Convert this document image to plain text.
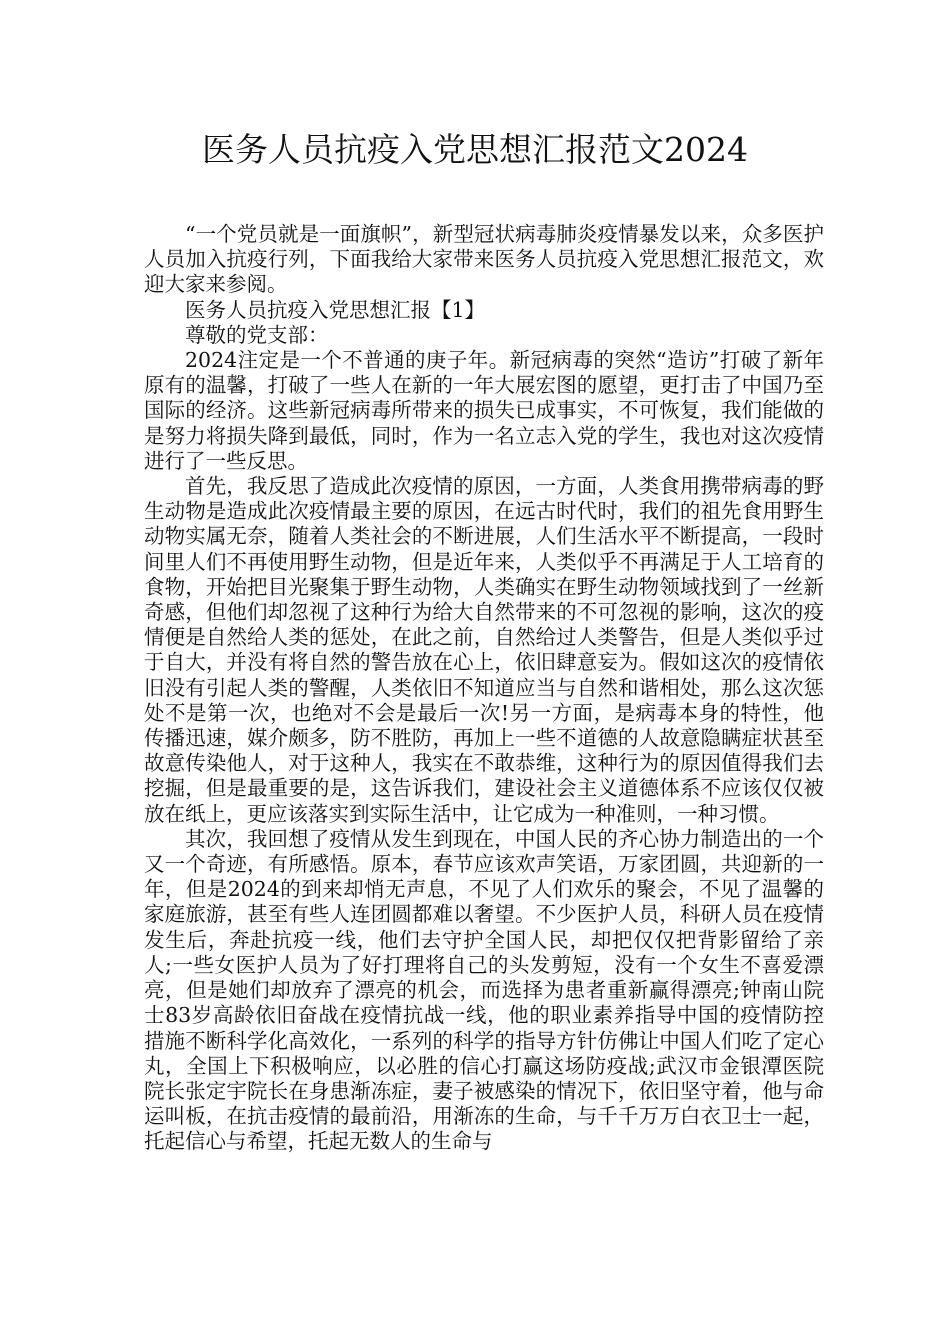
医务人员抗疫入党思想汇报范文2024

“一个党员就是一面旗帜”，新型冠状病毒肺炎疫情暴发以来，众多医护人员加入抗疫行列，下面我给大家带来医务人员抗疫入党思想汇报范文，欢迎大家来参阅。

医务人员抗疫入党思想汇报【1】

尊敬的党支部：

2024注定是一个不普通的庚子年。新冠病毒的突然“造访”打破了新年原有的温馨，打破了一些人在新的一年大展宏图的愿望，更打击了中国乃至国际的经济。这些新冠病毒所带来的损失已成事实，不可恢复，我们能做的是努力将损失降到最低，同时，作为一名立志入党的学生，我也对这次疫情进行了一些反思。

首先，我反思了造成此次疫情的原因，一方面，人类食用携带病毒的野生动物是造成此次疫情最主要的原因，在远古时代时，我们的祖先食用野生动物实属无奈，随着人类社会的不断进展，人们生活水平不断提高，一段时间里人们不再使用野生动物，但是近年来，人类似乎不再满足于人工培育的食物，开始把目光聚集于野生动物，人类确实在野生动物领域找到了一丝新奇感，但他们却忽视了这种行为给大自然带来的不可忽视的影响，这次的疫情便是自然给人类的惩处，在此之前，自然给过人类警告，但是人类似乎过于自大，并没有将自然的警告放在心上，依旧肆意妄为。假如这次的疫情依旧没有引起人类的警醒，人类依旧不知道应当与自然和谐相处，那么这次惩处不是第一次，也绝对不会是最后一次!另一方面，是病毒本身的特性，他传播迅速，媒介颇多，防不胜防，再加上一些不道德的人故意隐瞒症状甚至故意传染他人，对于这种人，我实在不敢恭维，这种行为的原因值得我们去挖掘，但是最重要的是，这告诉我们，建设社会主义道德体系不应该仅仅被放在纸上，更应该落实到实际生活中，让它成为一种准则，一种习惯。

其次，我回想了疫情从发生到现在，中国人民的齐心协力制造出的一个又一个奇迹，有所感悟。原本，春节应该欢声笑语，万家团圆，共迎新的一年，但是2024的到来却悄无声息，不见了人们欢乐的聚会，不见了温馨的家庭旅游，甚至有些人连团圆都难以奢望。不少医护人员，科研人员在疫情发生后，奔赴抗疫一线，他们去守护全国人民，却把仅仅把背影留给了亲人;一些女医护人员为了好打理将自己的头发剪短，没有一个女生不喜爱漂亮，但是她们却放弃了漂亮的机会，而选择为患者重新赢得漂亮;钟南山院士83岁高龄依旧奋战在疫情抗战一线，他的职业素养指导中国的疫情防控措施不断科学化高效化，一系列的科学的指导方针仿佛让中国人们吃了定心丸，全国上下积极响应，以必胜的信心打赢这场防疫战;武汉市金银潭医院院长张定宇院长在身患渐冻症，妻子被感染的情况下，依旧坚守着，他与命运叫板，在抗击疫情的最前沿，用渐冻的生命，与千千万万白衣卫士一起，托起信心与希望，托起无数人的生命与
